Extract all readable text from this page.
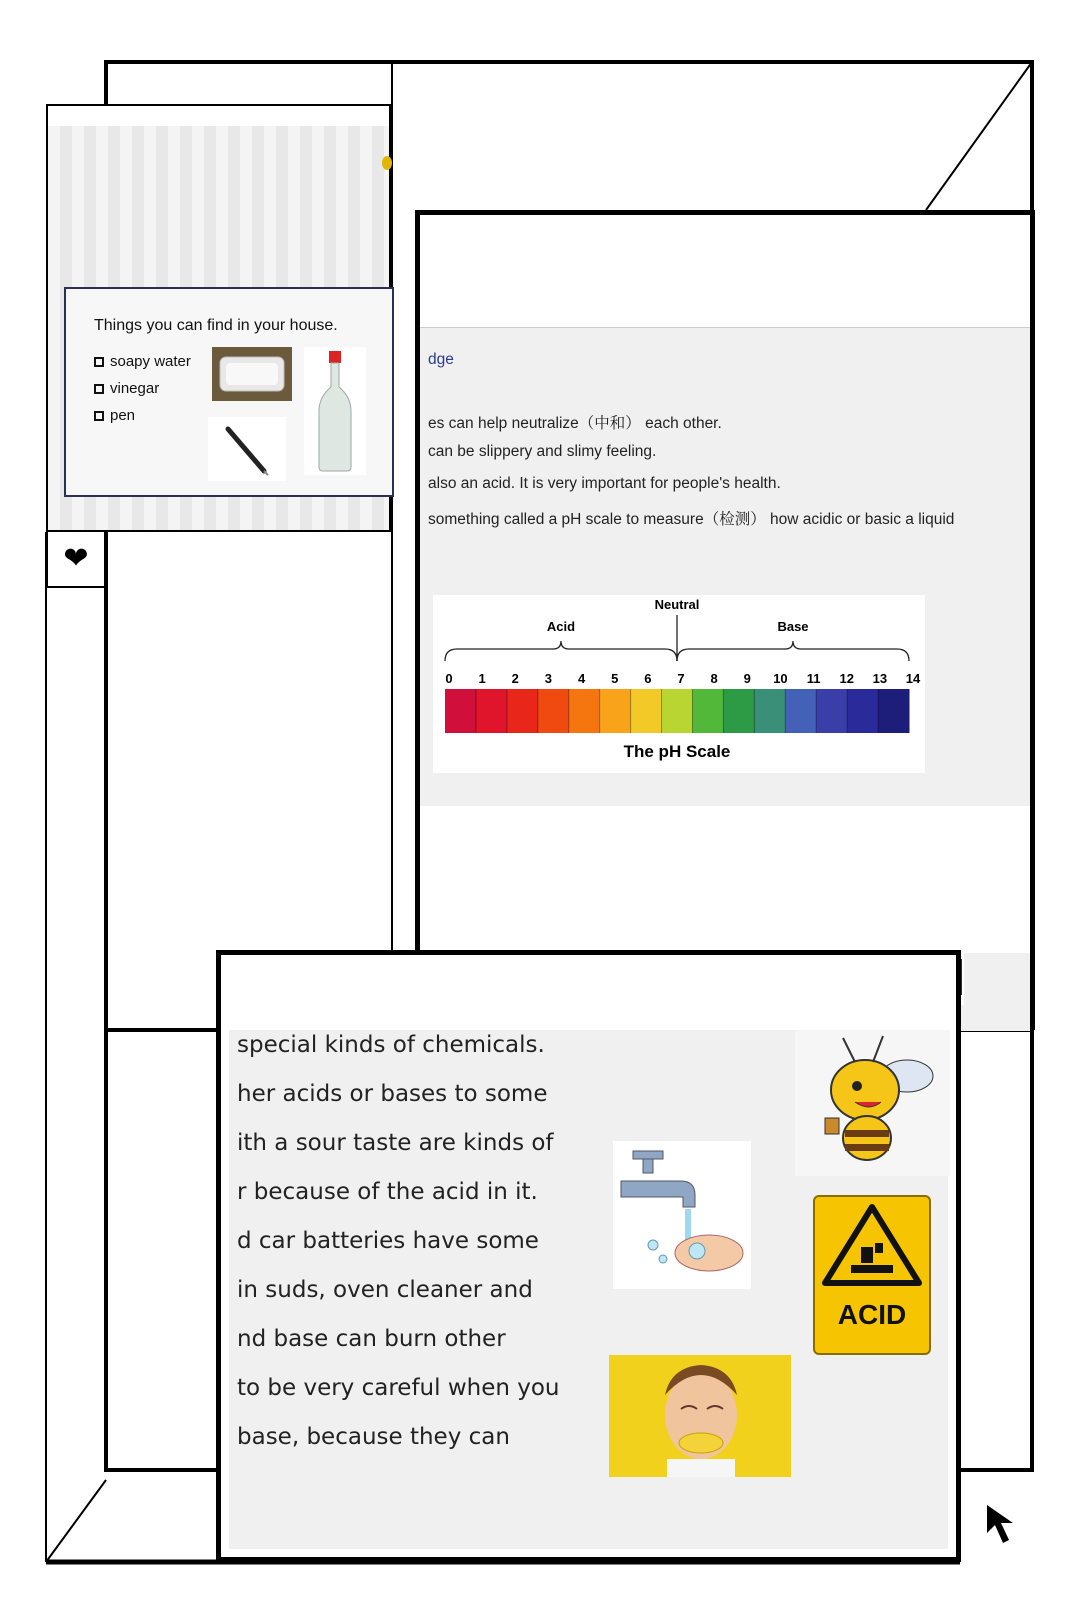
Things you can find in your house.
soapy water
vinegar
pen
❤
dge
es can help neutralize（中和） each other.
can be slippery and slimy feeling.
also an acid. It is very important for people's health.
something called a pH scale to measure（检测） how acidic or basic a liquid
Neutral
Acid	Base
0 1 2 3 4 5 6 7 8 9 10 11 12 13 14
The pH Scale
special kinds of chemicals.
her acids or bases to some
ith a sour taste are kinds of
r because of the acid in it.
d car batteries have some
in suds, oven cleaner and
nd base can burn other
to be very careful when you
base, because they can
ACID
